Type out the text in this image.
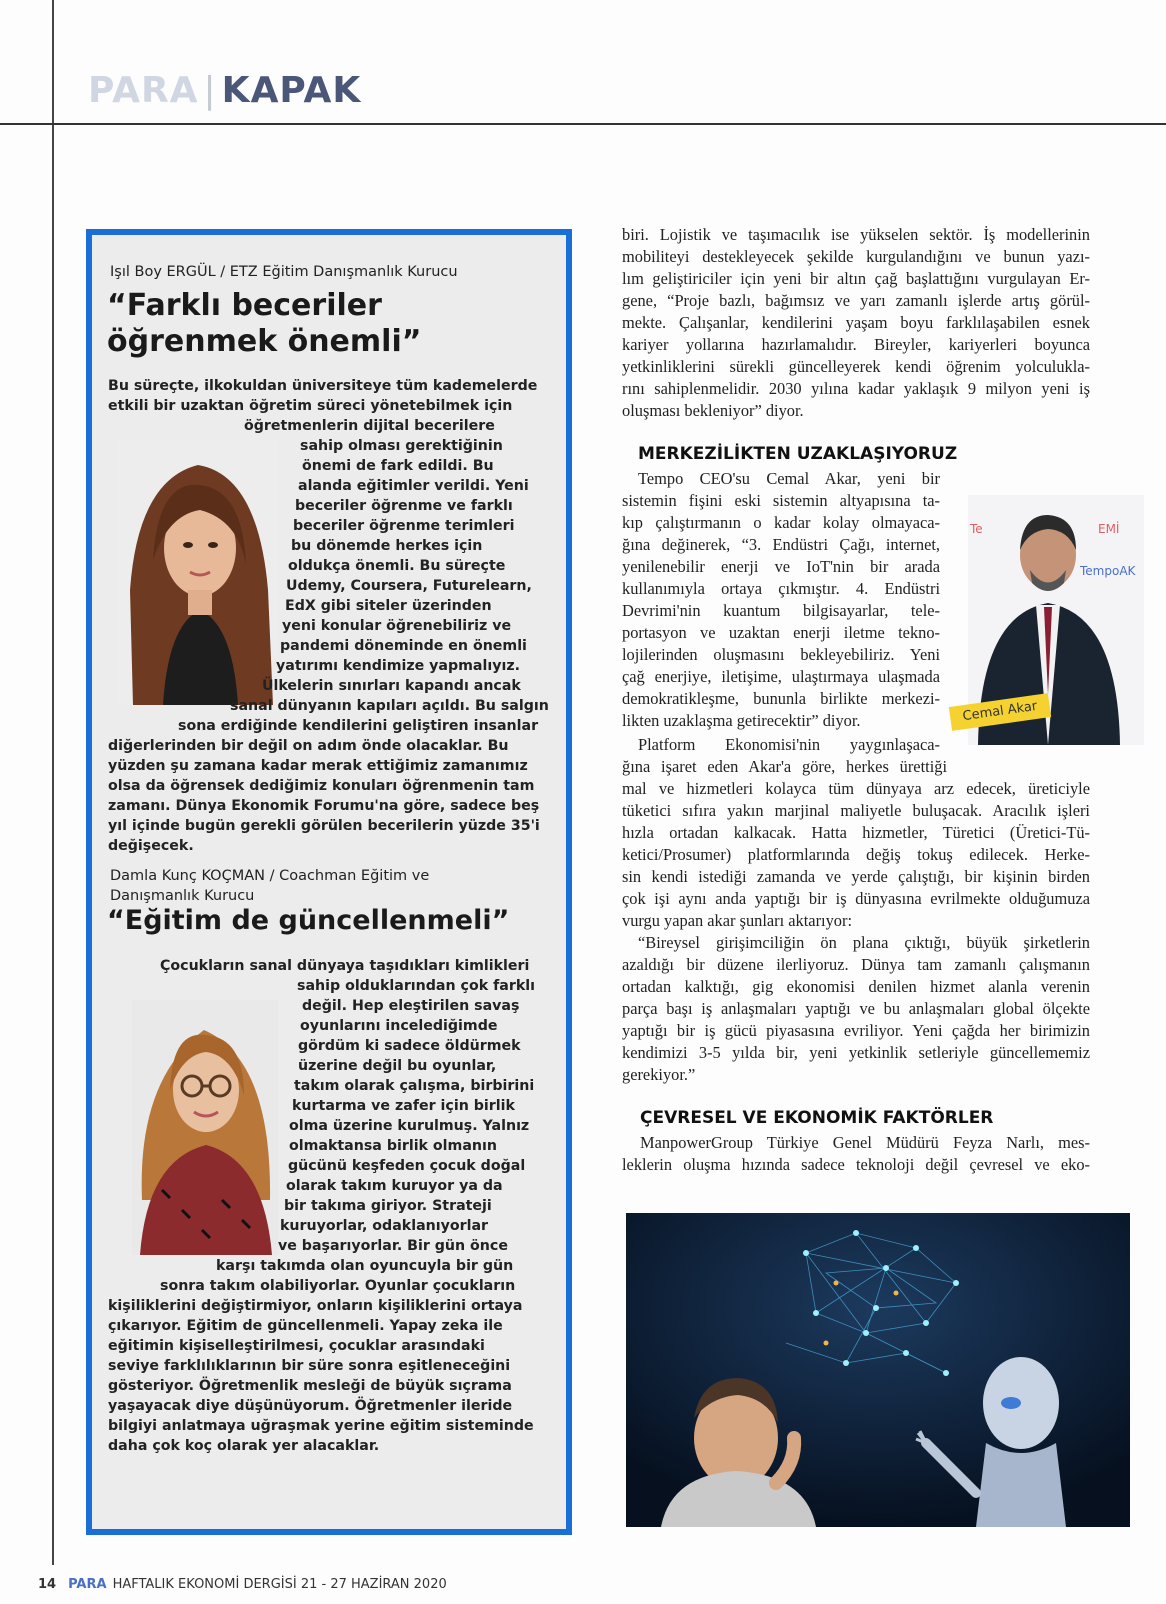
PARA | KAPAK
Işıl Boy ERGÜL / ETZ Eğitim Danışmanlık Kurucu
“Farklı beceriler
öğrenmek önemli”
Bu süreçte, ilkokuldan üniversiteye tüm kademelerde
etkili bir uzaktan öğretim süreci yönetebilmek için
öğretmenlerin dijital becerilere
sahip olması gerektiğinin
önemi de fark edildi. Bu
alanda eğitimler verildi. Yeni
beceriler öğrenme ve farklı
beceriler öğrenme terimleri
bu dönemde herkes için
oldukça önemli. Bu süreçte
Udemy, Coursera, Futurelearn,
EdX gibi siteler üzerinden
yeni konular öğrenebiliriz ve
pandemi döneminde en önemli
yatırımı kendimize yapmalıyız.
Ülkelerin sınırları kapandı ancak
sanal dünyanın kapıları açıldı. Bu salgın
sona erdiğinde kendilerini geliştiren insanlar
diğerlerinden bir değil on adım önde olacaklar. Bu
yüzden şu zamana kadar merak ettiğimiz zamanımız
olsa da öğrensek dediğimiz konuları öğrenmenin tam
zamanı. Dünya Ekonomik Forumu'na göre, sadece beş
yıl içinde bugün gerekli görülen becerilerin yüzde 35'i
değişecek.
Damla Kunç KOÇMAN / Coachman Eğitim ve
Danışmanlık Kurucu
“Eğitim de güncellenmeli”
Çocukların sanal dünyaya taşıdıkları kimlikleri
sahip olduklarından çok farklı
değil. Hep eleştirilen savaş
oyunlarını incelediğimde
gördüm ki sadece öldürmek
üzerine değil bu oyunlar,
takım olarak çalışma, birbirini
kurtarma ve zafer için birlik
olma üzerine kurulmuş. Yalnız
olmaktansa birlik olmanın
gücünü keşfeden çocuk doğal
olarak takım kuruyor ya da
bir takıma giriyor. Strateji
kuruyorlar, odaklanıyorlar
ve başarıyorlar. Bir gün önce
karşı takımda olan oyuncuyla bir gün
sonra takım olabiliyorlar. Oyunlar çocukların
kişiliklerini değiştirmiyor, onların kişiliklerini ortaya
çıkarıyor. Eğitim de güncellenmeli. Yapay zeka ile
eğitimin kişiselleştirilmesi, çocuklar arasındaki
seviye farklılıklarının bir süre sonra eşitleneceğini
gösteriyor. Öğretmenlik mesleği de büyük sıçrama
yaşayacak diye düşünüyorum. Öğretmenler ileride
bilgiyi anlatmaya uğraşmak yerine eğitim sisteminde
daha çok koç olarak yer alacaklar.
biri. Lojistik ve taşımacılık ise yükselen sektör. İş modellerinin
mobiliteyi destekleyecek şekilde kurgulandığını ve bunun yazı-
lım geliştiriciler için yeni bir altın çağ başlattığını vurgulayan Er-
gene, “Proje bazlı, bağımsız ve yarı zamanlı işlerde artış görül-
mekte. Çalışanlar, kendilerini yaşam boyu farklılaşabilen esnek
kariyer yollarına hazırlamalıdır. Bireyler, kariyerleri boyunca
yetkinliklerini sürekli güncelleyerek kendi öğrenim yolculukla-
rını sahiplenmelidir. 2030 yılına kadar yaklaşık 9 milyon yeni iş
oluşması bekleniyor” diyor.
MERKEZİLİKTEN UZAKLAŞIYORUZ
Tempo CEO'su Cemal Akar, yeni bir
sistemin fişini eski sistemin altyapısına ta-
kıp çalıştırmanın o kadar kolay olmayaca-
ğına değinerek, “3. Endüstri Çağı, internet,
yenilenebilir enerji ve IoT'nin bir arada
kullanımıyla ortaya çıkmıştır. 4. Endüstri
Devrimi'nin kuantum bilgisayarlar, tele-
portasyon ve uzaktan enerji iletme tekno-
lojilerinden oluşmasını bekleyebiliriz. Yeni
çağ enerjiye, iletişime, ulaştırmaya ulaşmada
demokratikleşme, bununla birlikte merkezi-
likten uzaklaşma getirecektir” diyor.
Te	EMİ
TempoAK
Cemal Akar
Platform Ekonomisi'nin yaygınlaşaca-
ğına işaret eden Akar'a göre, herkes ürettiği
mal ve hizmetleri kolayca tüm dünyaya arz edecek, üreticiyle
tüketici sıfıra yakın marjinal maliyetle buluşacak. Aracılık işleri
hızla ortadan kalkacak. Hatta hizmetler, Türetici (Üretici-Tü-
ketici/Prosumer) platformlarında değiş tokuş edilecek. Herke-
sin kendi istediği zamanda ve yerde çalıştığı, bir kişinin birden
çok işi aynı anda yaptığı bir iş dünyasına evrilmekte olduğumuza
vurgu yapan akar şunları aktarıyor:
“Bireysel girişimciliğin ön plana çıktığı, büyük şirketlerin
azaldığı bir düzene ilerliyoruz. Dünya tam zamanlı çalışmanın
ortadan kalktığı, gig ekonomisi denilen hizmet alanla verenin
parça başı iş anlaşmaları yaptığı ve bu anlaşmaları global ölçekte
yaptığı bir iş gücü piyasasına evriliyor. Yeni çağda her birimizin
kendimizi 3-5 yılda bir, yeni yetkinlik setleriyle güncellememiz
gerekiyor.”
ÇEVRESEL VE EKONOMİK FAKTÖRLER
ManpowerGroup Türkiye Genel Müdürü Feyza Narlı, mes-
leklerin oluşma hızında sadece teknoloji değil çevresel ve eko-
14 PARA HAFTALIK EKONOMİ DERGİSİ 21 - 27 HAZİRAN 2020
